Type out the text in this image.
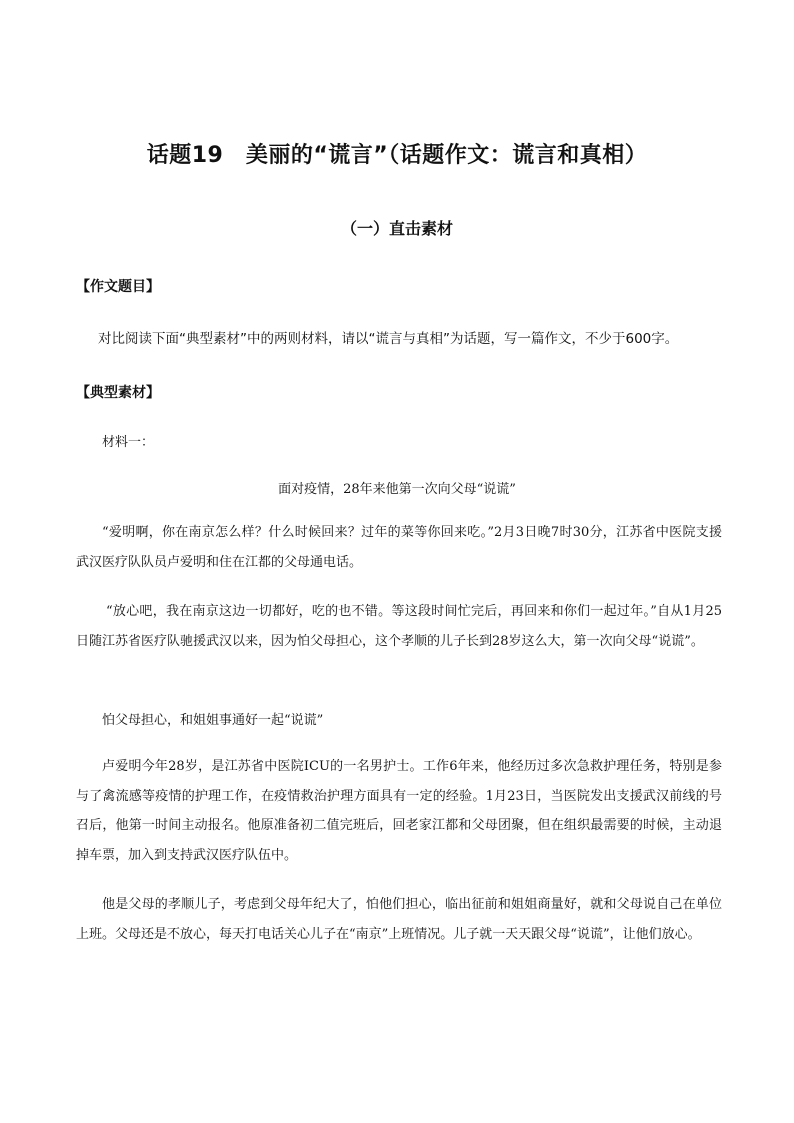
话题19　美丽的“谎言”（话题作文：谎言和真相）
（一）直击素材
【作文题目】
对比阅读下面“典型素材”中的两则材料，请以“谎言与真相”为话题，写一篇作文，不少于600字。
【典型素材】
材料一：
面对疫情，28年来他第一次向父母“说谎”
“爱明啊，你在南京怎么样？什么时候回来？过年的菜等你回来吃。”2月3日晚7时30分，江苏省中医院支援武汉医疗队队员卢爱明和住在江都的父母通电话。
“放心吧，我在南京这边一切都好，吃的也不错。等这段时间忙完后，再回来和你们一起过年。”自从1月25日随江苏省医疗队驰援武汉以来，因为怕父母担心，这个孝顺的儿子长到28岁这么大，第一次向父母“说谎”。
怕父母担心，和姐姐事通好一起“说谎”
卢爱明今年28岁，是江苏省中医院ICU的一名男护士。工作6年来，他经历过多次急救护理任务，特别是参与了禽流感等疫情的护理工作，在疫情救治护理方面具有一定的经验。1月23日，当医院发出支援武汉前线的号召后，他第一时间主动报名。他原准备初二值完班后，回老家江都和父母团聚，但在组织最需要的时候，主动退掉车票，加入到支持武汉医疗队伍中。
他是父母的孝顺儿子，考虑到父母年纪大了，怕他们担心，临出征前和姐姐商量好，就和父母说自己在单位上班。父母还是不放心，每天打电话关心儿子在“南京”上班情况。儿子就一天天跟父母“说谎”，让他们放心。
